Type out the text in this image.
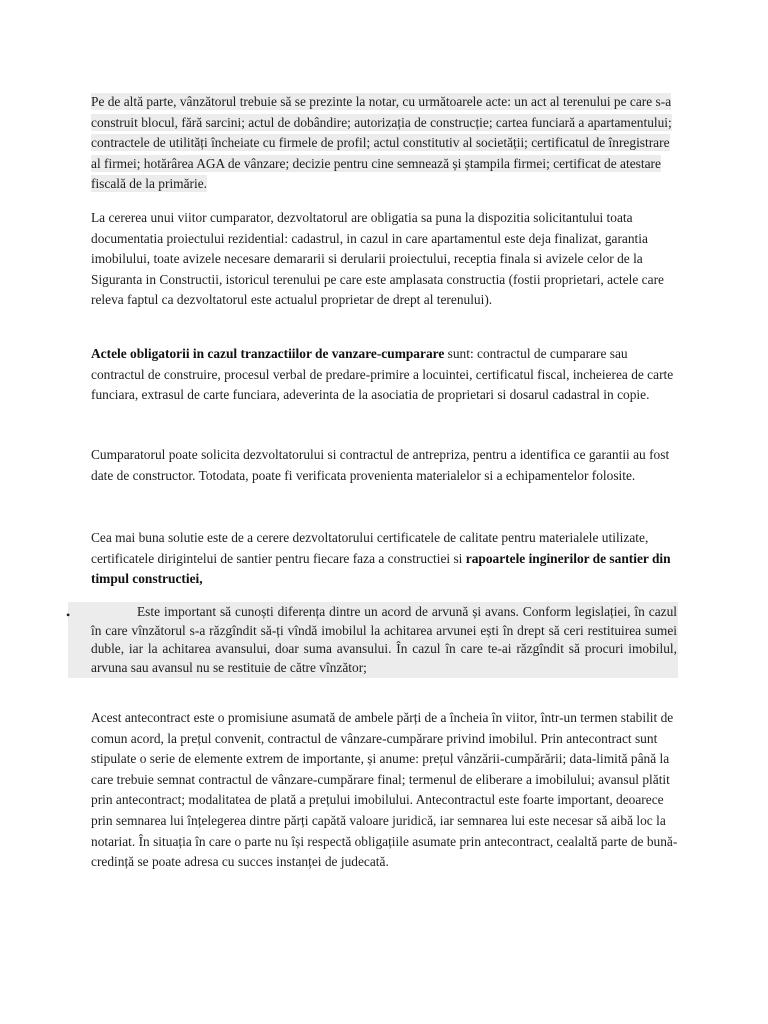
Pe de altă parte, vânzătorul trebuie să se prezinte la notar, cu următoarele acte: un act al terenului pe care s-a construit blocul, fără sarcini; actul de dobândire; autorizația de construcție; cartea funciară a apartamentului; contractele de utilități încheiate cu firmele de profil; actul constitutiv al societății; certificatul de înregistrare al firmei; hotărârea AGA de vânzare; decizie pentru cine semnează și ștampila firmei; certificat de atestare fiscală de la primărie.

La cererea unui viitor cumparator, dezvoltatorul are obligatia sa puna la dispozitia solicitantului toata documentatia proiectului rezidential: cadastrul, in cazul in care apartamentul este deja finalizat, garantia imobilului, toate avizele necesare demararii si derularii proiectului, receptia finala si avizele celor de la Siguranta in Constructii, istoricul terenului pe care este amplasata constructia (fostii proprietari, actele care releva faptul ca dezvoltatorul este actualul proprietar de drept al terenului).

Actele obligatorii in cazul tranzactiilor de vanzare-cumparare sunt: contractul de cumparare sau contractul de construire, procesul verbal de predare-primire a locuintei, certificatul fiscal, incheierea de carte funciara, extrasul de carte funciara, adeverinta de la asociatia de proprietari si dosarul cadastral in copie.

Cumparatorul poate solicita dezvoltatorului si contractul de antrepriza, pentru a identifica ce garantii au fost date de constructor. Totodata, poate fi verificata provenienta materialelor si a echipamentelor folosite.

Cea mai buna solutie este de a cerere dezvoltatorului certificatele de calitate pentru materialele utilizate, certificatele dirigintelui de santier pentru fiecare faza a constructiei si rapoartele inginerilor de santier din timpul constructiei,

•	Este important să cunoști diferența dintre un acord de arvună și avans. Conform legislației, în cazul în care vînzătorul s-a răzgîndit să-ți vîndă imobilul la achitarea arvunei ești în drept să ceri restituirea sumei duble, iar la achitarea avansului, doar suma avansului. În cazul în care te-ai răzgîndit să procuri imobilul, arvuna sau avansul nu se restituie de către vînzător;

Acest antecontract este o promisiune asumată de ambele părți de a încheia în viitor, într-un termen stabilit de comun acord, la prețul convenit, contractul de vânzare-cumpărare privind imobilul. Prin antecontract sunt stipulate o serie de elemente extrem de importante, și anume: prețul vânzării-cumpărării; data-limită până la care trebuie semnat contractul de vânzare-cumpărare final; termenul de eliberare a imobilului; avansul plătit prin antecontract; modalitatea de plată a prețului imobilului. Antecontractul este foarte important, deoarece prin semnarea lui înțelegerea dintre părți capătă valoare juridică, iar semnarea lui este necesar să aibă loc la notariat. În situația în care o parte nu își respectă obligațiile asumate prin antecontract, cealaltă parte de bună-credință se poate adresa cu succes instanței de judecată.
